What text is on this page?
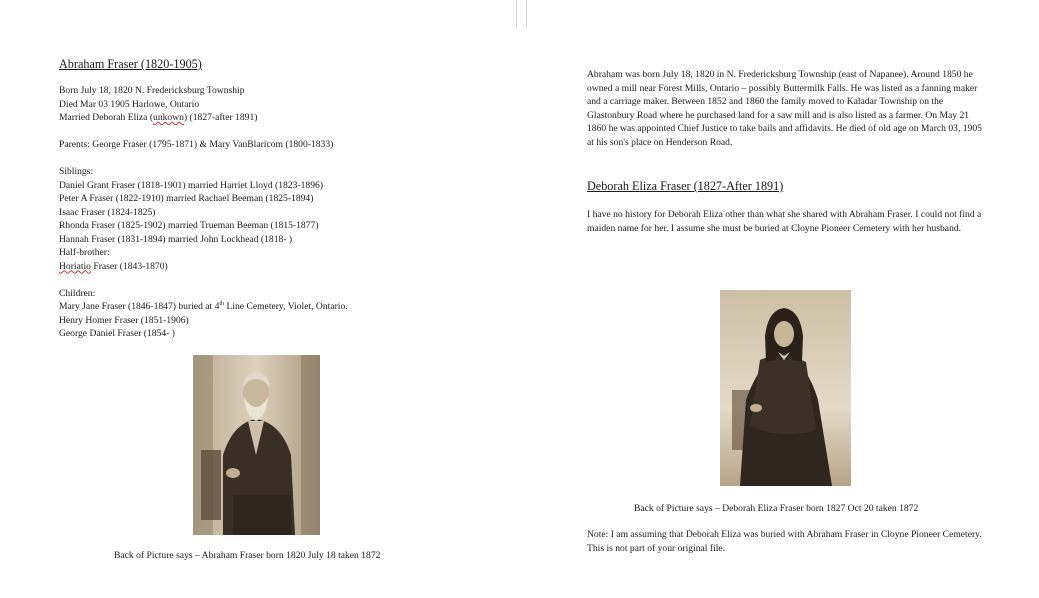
Abraham Fraser (1820-1905)
Born July 18, 1820 N. Fredericksburg Township
Died Mar 03 1905 Harlowe, Ontario
Married Deborah Eliza (unkown) (1827-after 1891)
Parents: George Fraser (1795-1871) & Mary VanBlaricom (1800-1833)
Siblings:
Daniel Grant Fraser (1818-1901) married Harriet Lloyd (1823-1896)
Peter A Fraser (1822-1910) married Rachael Beeman (1825-1894)
Isaac Fraser (1824-1825)
Rhonda Fraser (1825-1902) married Trueman Beeman (1815-1877)
Hannah Fraser (1831-1894) married John Lockhead (1818- )
Half-brother:
Horiatio Fraser (1843-1870)
Children:
Mary Jane Fraser (1846-1847) buried at 4th Line Cemetery, Violet, Ontario.
Henry Homer Fraser (1851-1906)
George Daniel Fraser (1854- )
Back of Picture says – Abraham Fraser born 1820 July 18 taken 1872

Abraham was born July 18, 1820 in N. Fredericksburg Township (east of Napanee). Around 1850 he owned a mill near Forest Mills, Ontario – possibly Buttermilk Falls. He was listed as a fanning maker and a carriage maker. Between 1852 and 1860 the family moved to Kaladar Township on the Glastonbury Road where he purchased land for a saw mill and is also listed as a farmer. On May 21 1860 he was appointed Chief Justice to take bails and affidavits. He died of old age on March 03, 1905 at his son's place on Henderson Road.

Deborah Eliza Fraser (1827-After 1891)

I have no history for Deborah Eliza other than what she shared with Abraham Fraser. I could not find a maiden name for her. I assume she must be buried at Cloyne Pioneer Cemetery with her husband.

Back of Picture says – Deborah Eliza Fraser born 1827 Oct 20 taken 1872

Note: I am assuming that Deborah Eliza was buried with Abraham Fraser in Cloyne Pioneer Cemetery. This is not part of your original file.
